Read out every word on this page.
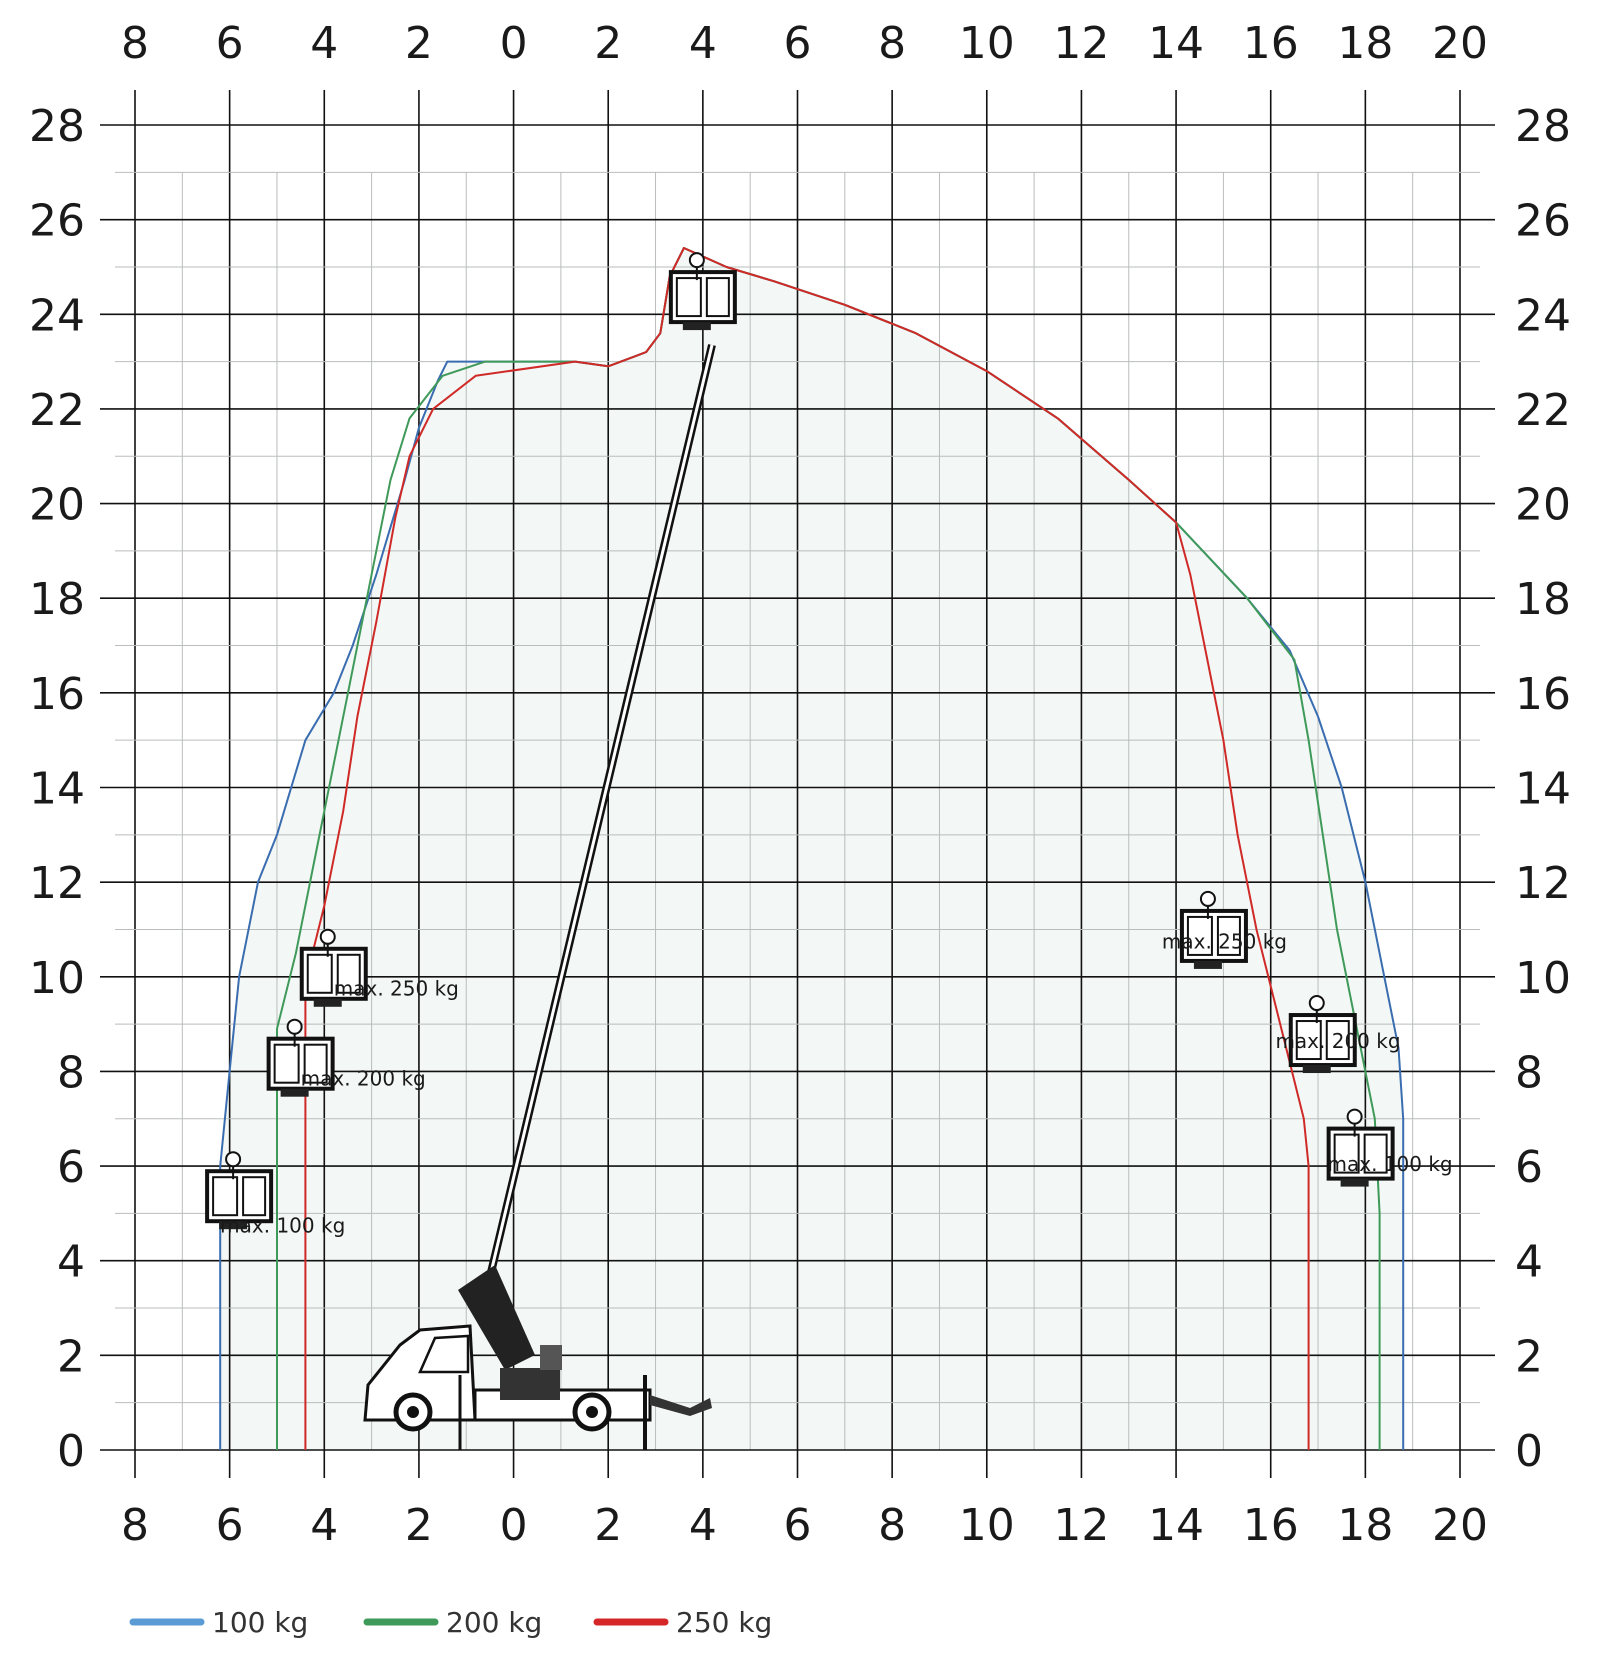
8
8
6
6
4
4
2
2
0
0
2
2
4
4
6
6
8
8
10
10
12
12
14
14
16
16
18
18
20
20
0	0
2	2
4	4
6	6
8	8
10	10
12	12
14	14
16	16
18	18
20	20
22	22
24	24
26	26
28	28
max. 250 kg
max. 200 kg
max. 100 kg
max. 250 kg
max. 200 kg
max. 100 kg
100 kg	200 kg	250 kg
